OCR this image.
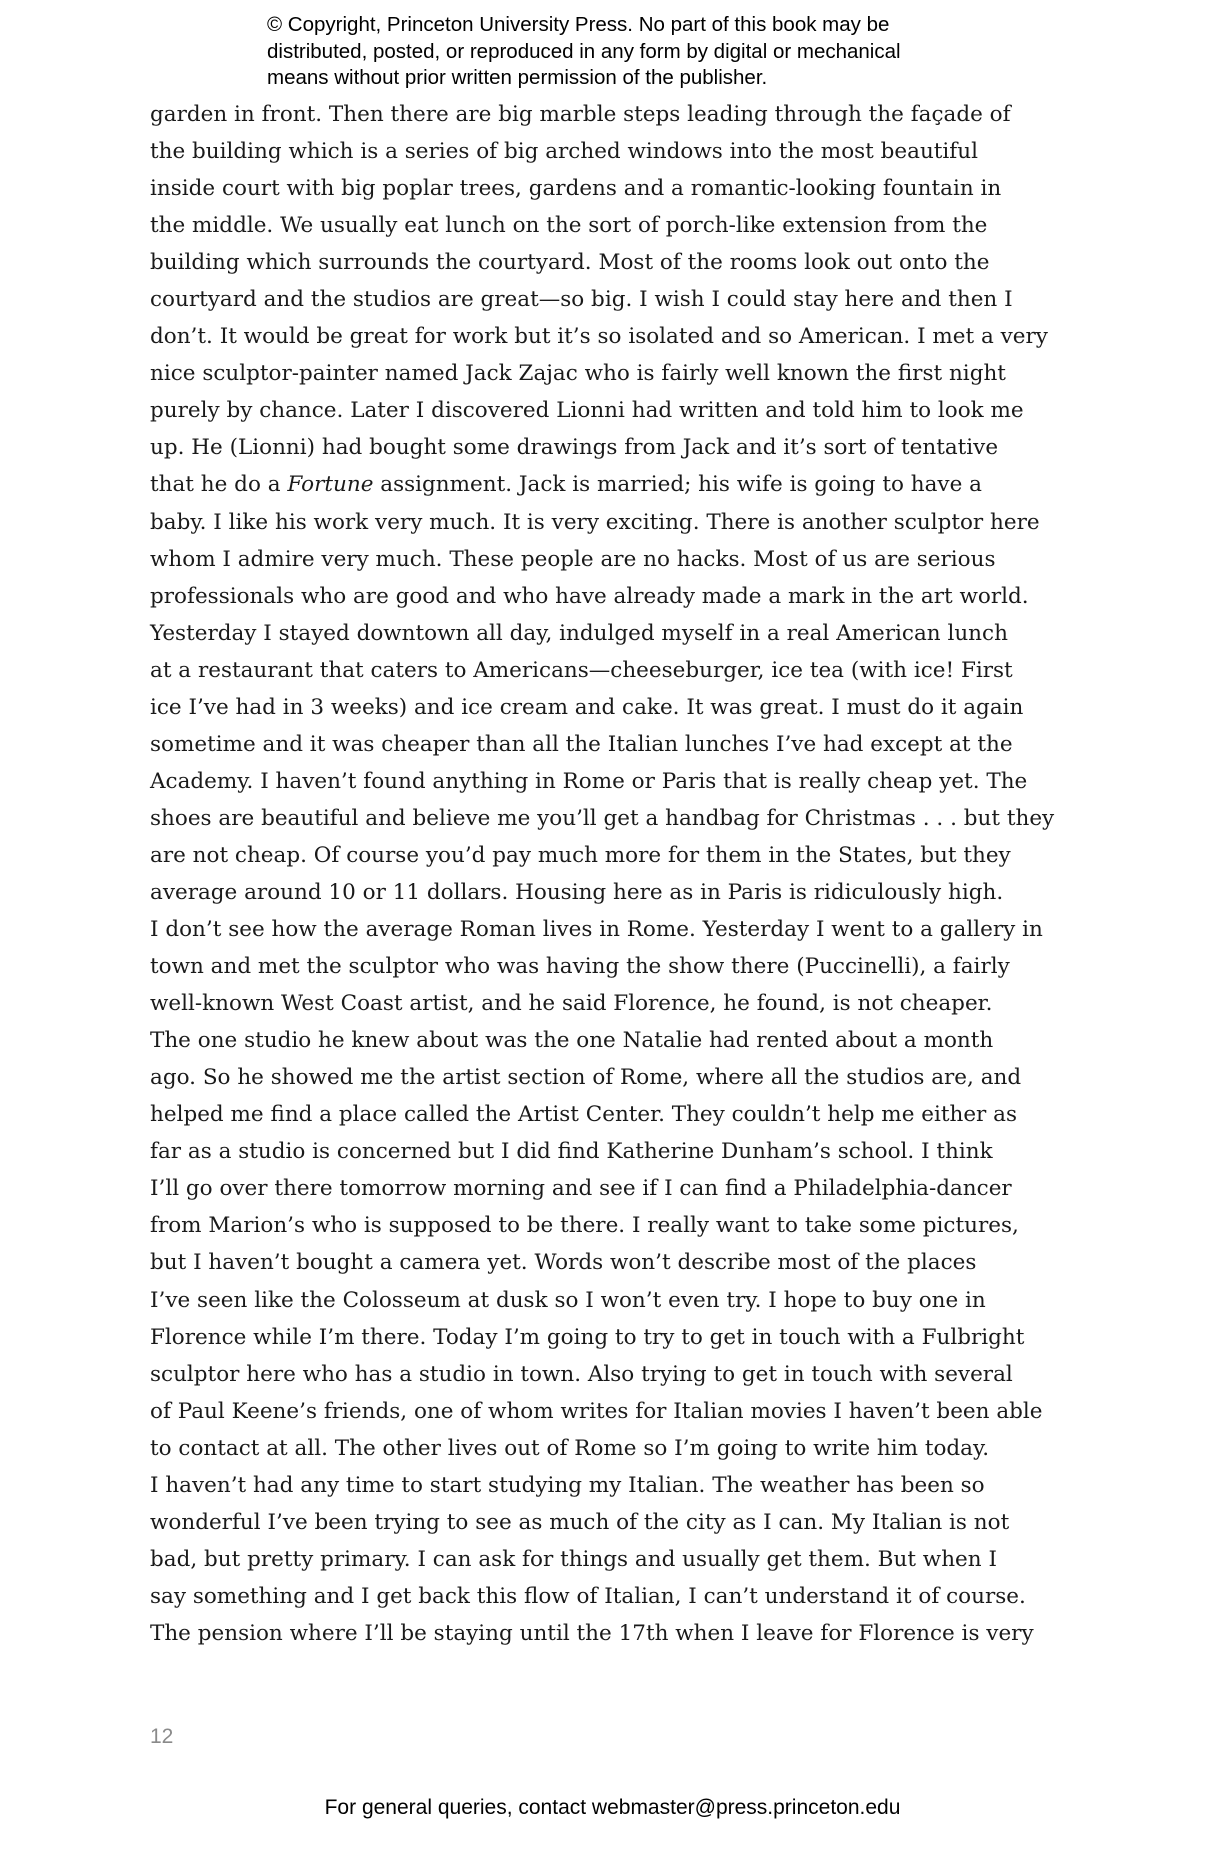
© Copyright, Princeton University Press. No part of this book may be
distributed, posted, or reproduced in any form by digital or mechanical
means without prior written permission of the publisher.
garden in front. Then there are big marble steps leading through the façade of
the building which is a series of big arched windows into the most beautiful
inside court with big poplar trees, gardens and a romantic-looking fountain in
the middle. We usually eat lunch on the sort of porch-like extension from the
building which surrounds the courtyard. Most of the rooms look out onto the
courtyard and the studios are great—so big. I wish I could stay here and then I
don’t. It would be great for work but it’s so isolated and so American. I met a very
nice sculptor-painter named Jack Zajac who is fairly well known the first night
purely by chance. Later I discovered Lionni had written and told him to look me
up. He (Lionni) had bought some drawings from Jack and it’s sort of tentative
that he do a Fortune assignment. Jack is married; his wife is going to have a
baby. I like his work very much. It is very exciting. There is another sculptor here
whom I admire very much. These people are no hacks. Most of us are serious
professionals who are good and who have already made a mark in the art world.
Yesterday I stayed downtown all day, indulged myself in a real American lunch
at a restaurant that caters to Americans—cheeseburger, ice tea (with ice! First
ice I’ve had in 3 weeks) and ice cream and cake. It was great. I must do it again
sometime and it was cheaper than all the Italian lunches I’ve had except at the
Academy. I haven’t found anything in Rome or Paris that is really cheap yet. The
shoes are beautiful and believe me you’ll get a handbag for Christmas . . . but they
are not cheap. Of course you’d pay much more for them in the States, but they
average around 10 or 11 dollars. Housing here as in Paris is ridiculously high.
I don’t see how the average Roman lives in Rome. Yesterday I went to a gallery in
town and met the sculptor who was having the show there (Puccinelli), a fairly
well-known West Coast artist, and he said Florence, he found, is not cheaper.
The one studio he knew about was the one Natalie had rented about a month
ago. So he showed me the artist section of Rome, where all the studios are, and
helped me find a place called the Artist Center. They couldn’t help me either as
far as a studio is concerned but I did find Katherine Dunham’s school. I think
I’ll go over there tomorrow morning and see if I can find a Philadelphia-dancer
from Marion’s who is supposed to be there. I really want to take some pictures,
but I haven’t bought a camera yet. Words won’t describe most of the places
I’ve seen like the Colosseum at dusk so I won’t even try. I hope to buy one in
Florence while I’m there. Today I’m going to try to get in touch with a Fulbright
sculptor here who has a studio in town. Also trying to get in touch with several
of Paul Keene’s friends, one of whom writes for Italian movies I haven’t been able
to contact at all. The other lives out of Rome so I’m going to write him today.
I haven’t had any time to start studying my Italian. The weather has been so
wonderful I’ve been trying to see as much of the city as I can. My Italian is not
bad, but pretty primary. I can ask for things and usually get them. But when I
say something and I get back this flow of Italian, I can’t understand it of course.
The pension where I’ll be staying until the 17th when I leave for Florence is very
12
For general queries, contact webmaster@press.princeton.edu
